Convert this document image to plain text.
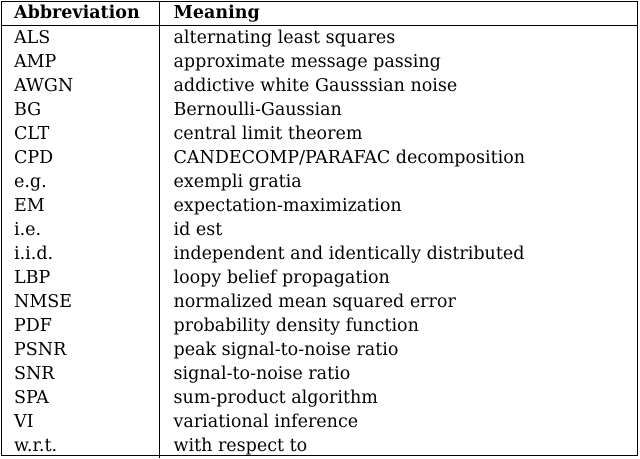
Abbreviation	Meaning
ALS	alternating least squares
AMP	approximate message passing
AWGN	addictive white Gausssian noise
BG	Bernoulli-Gaussian
CLT	central limit theorem
CPD	CANDECOMP/PARAFAC decomposition
e.g.	exempli gratia
EM	expectation-maximization
i.e.	id est
i.i.d.	independent and identically distributed
LBP	loopy belief propagation
NMSE	normalized mean squared error
PDF	probability density function
PSNR	peak signal-to-noise ratio
SNR	signal-to-noise ratio
SPA	sum-product algorithm
VI	variational inference
w.r.t.	with respect to
